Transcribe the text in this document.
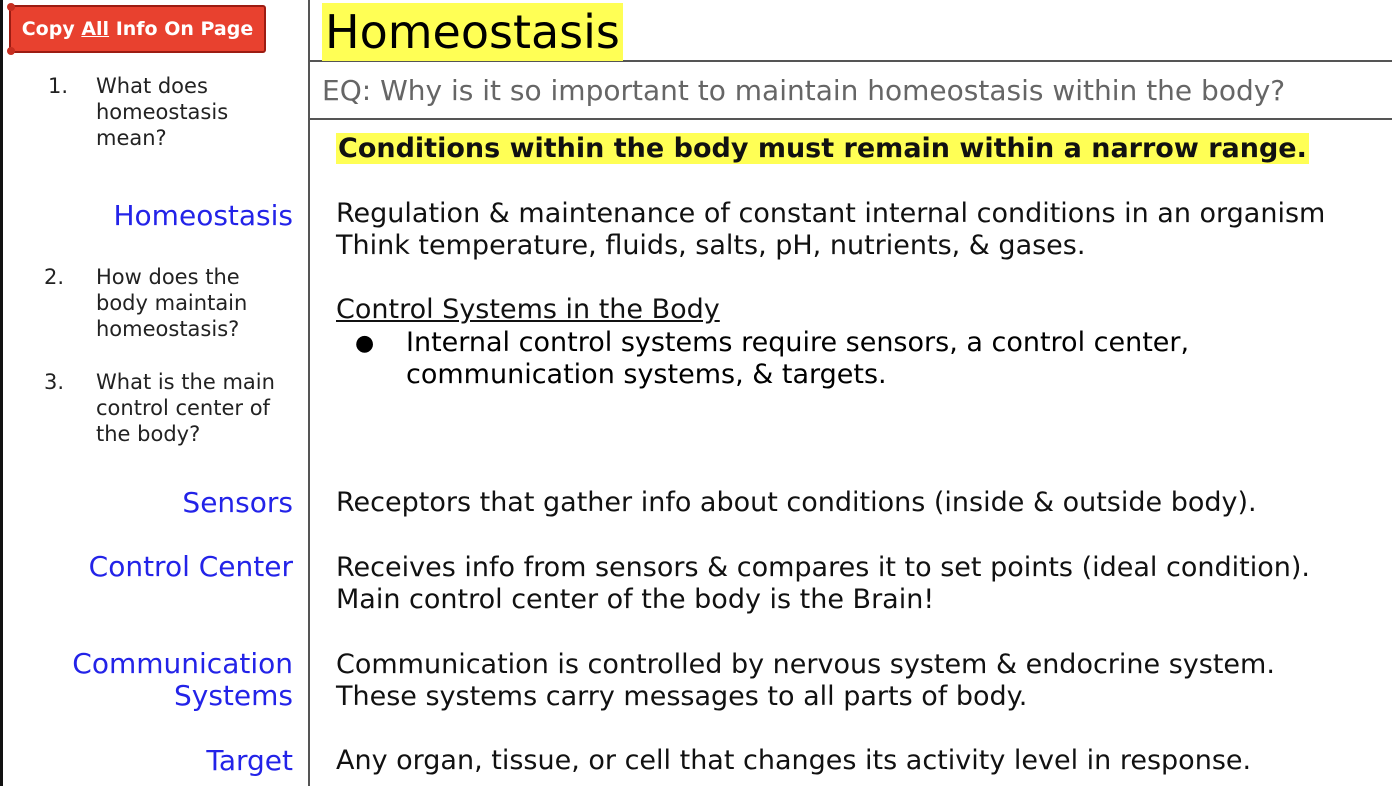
Copy All Info On Page Homeostasis
EQ: Why is it so important to maintain homeostasis within the body?
1. What does homeostasis mean?
2. How does the body maintain homeostasis?
3. What is the main control center of the body?
Homeostasis
Sensors
Control Center
Communication
Systems
Target
Conditions within the body must remain within a narrow range.
Regulation & maintenance of constant internal conditions in an organism
Think temperature, fluids, salts, pH, nutrients, & gases.
Control Systems in the Body
● Internal control systems require sensors, a control center,
communication systems, & targets.
Receptors that gather info about conditions (inside & outside body).
Receives info from sensors & compares it to set points (ideal condition).
Main control center of the body is the Brain!
Communication is controlled by nervous system & endocrine system.
These systems carry messages to all parts of body.
Any organ, tissue, or cell that changes its activity level in response.
